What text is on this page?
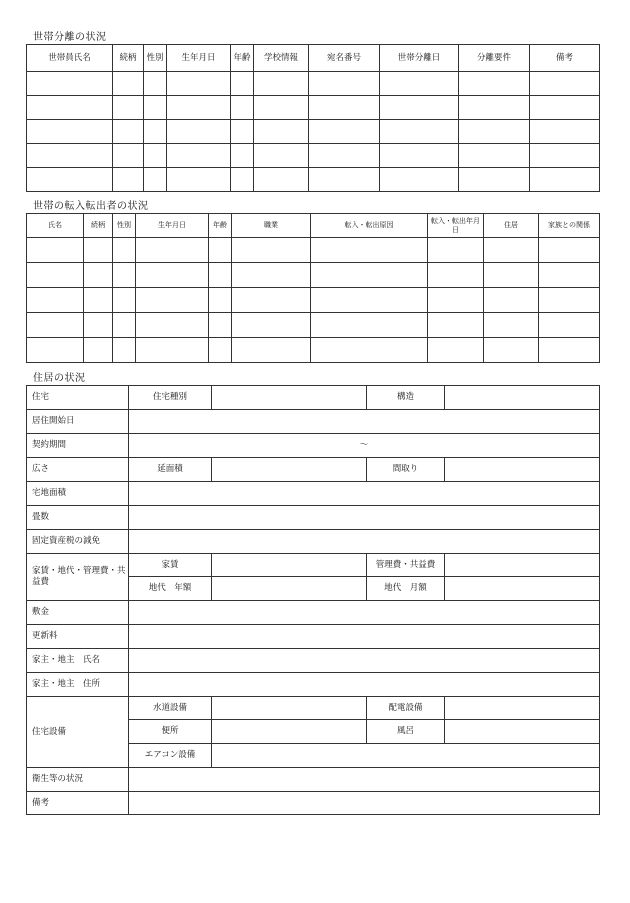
世帯分離の状況
世帯員氏名	続柄	性別	生年月日	年齢	学校情報	宛名番号	世帯分離日	分離要件	備考

世帯の転入転出者の状況
氏名	続柄	性別	生年月日	年齢	職業	転入・転出原因	転入・転出年月日	住居	家族との関係

住居の状況
住宅	住宅種別		構造	
居住開始日				
契約期間	～			
広さ	延面積		間取り	
宅地面積				
畳数				
固定資産税の減免				
家賃・地代・管理費・共益費	家賃		管理費・共益費	
	地代　年額		地代　月額	
敷金				
更新料				
家主・地主　氏名				
家主・地主　住所				
住宅設備	水道設備		配電設備	
	便所		風呂	
	エアコン設備			
衛生等の状況				
備考				
